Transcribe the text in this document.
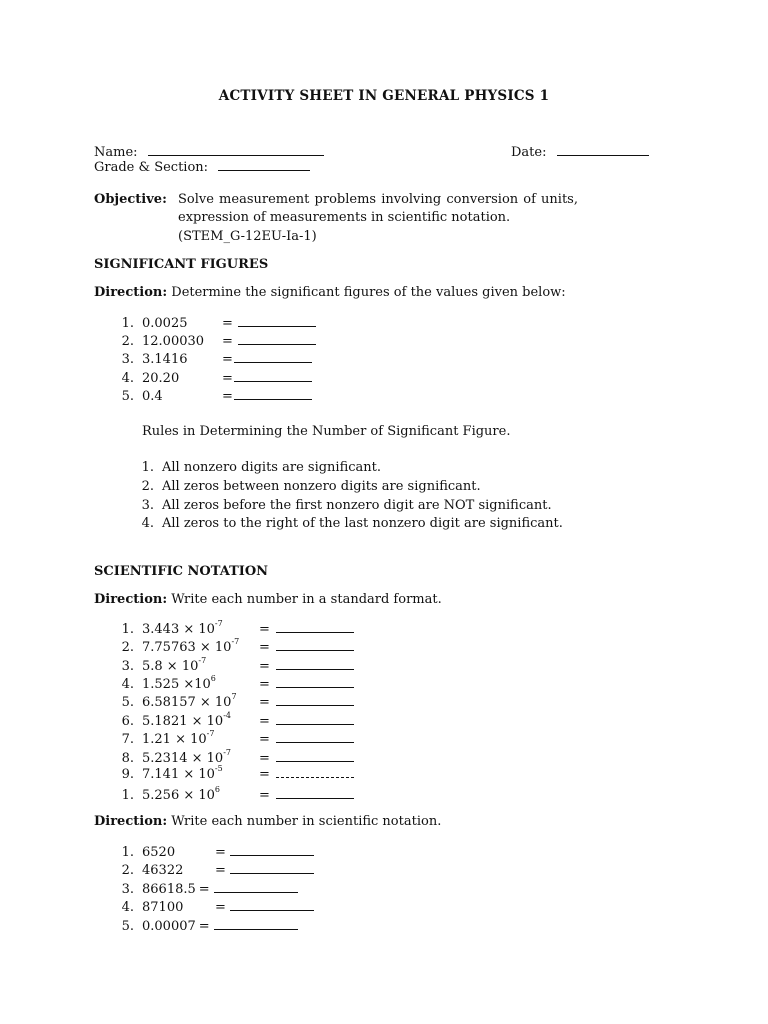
ACTIVITY SHEET IN GENERAL PHYSICS 1
Name:	Date:
Grade & Section:
Objective: Solve measurement problems involving conversion of units,
expression of measurements in scientific notation.
(STEM_G-12EU-Ia-1)
SIGNIFICANT FIGURES
Direction: Determine the significant figures of the values given below:
1. 0.0025	=
2. 12.00030 =
3. 3.1416	=
4. 20.20	=
5. 0.4	=
Rules in Determining the Number of Significant Figure.
1. All nonzero digits are significant.
2. All zeros between nonzero digits are significant.
3. All zeros before the first nonzero digit are NOT significant.
4. All zeros to the right of the last nonzero digit are significant.
SCIENTIFIC NOTATION
Direction: Write each number in a standard format.
1. $3.443 \times 10^{-7}$	=
2. $7.75763 \times 10^{-7}$ =
3. $5.8 \times 10^{-7}$	=
4. $1.525 \times 10^6$	=
5. $6.58157 \times 10^7$ =
6. $5.1821 \times 10^{-4}$ =
7. $1.21 \times 10^{-7}$	=
8. $5.2314 \times 10^{-7}$ =
9. $7.141 \times 10^{-5}$	=
1. $5.256 \times 10^6$	=
Direction: Write each number in scientific notation.
1. 6520	=
2. 46322 =
3. 86618.5 =
4. 87100 =
5. 0.00007 =
